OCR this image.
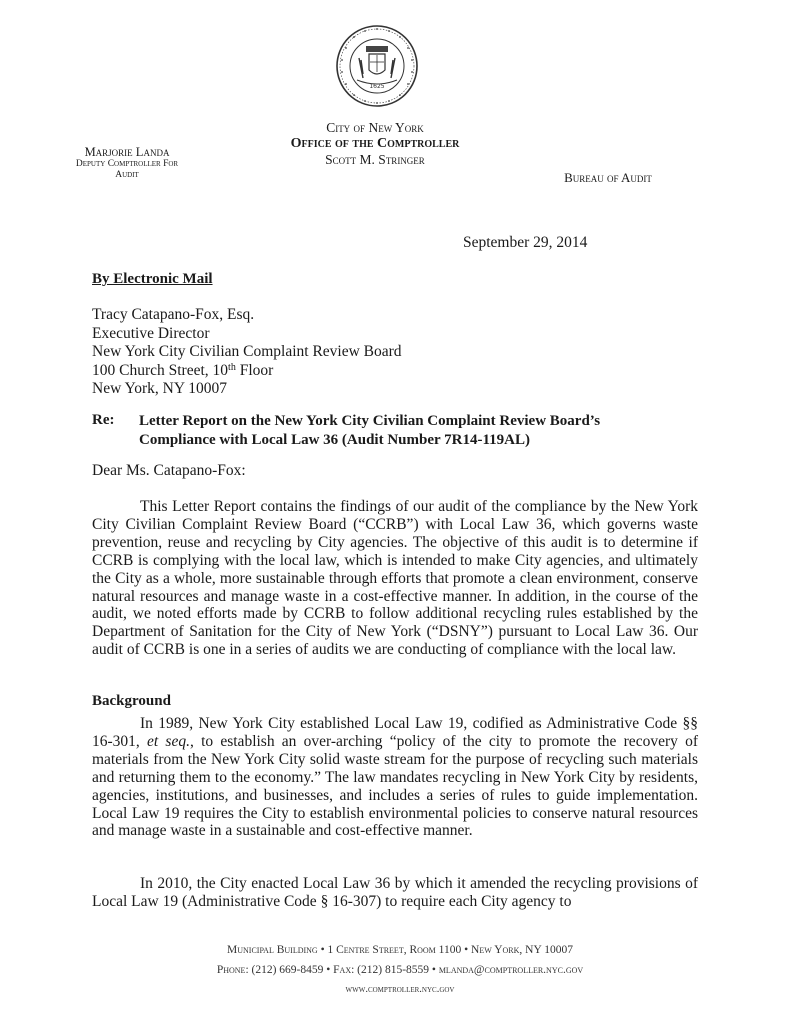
1625
City of New York
Office of the Comptroller
Scott M. Stringer
Marjorie Landa
Deputy Comptroller For
Audit	Bureau of Audit
September 29, 2014
By Electronic Mail
Tracy Catapano-Fox, Esq.
Executive Director
New York City Civilian Complaint Review Board
100 Church Street, 10th Floor
New York, NY 10007
Re: Letter Report on the New York City Civilian Complaint Review Board’s
Compliance with Local Law 36 (Audit Number 7R14-119AL)
Dear Ms. Catapano-Fox:
This Letter Report contains the findings of our audit of the compliance by the New York City Civilian Complaint Review Board (“CCRB”) with Local Law 36, which governs waste prevention, reuse and recycling by City agencies. The objective of this audit is to determine if CCRB is complying with the local law, which is intended to make City agencies, and ultimately the City as a whole, more sustainable through efforts that promote a clean environment, conserve natural resources and manage waste in a cost-effective manner. In addition, in the course of the audit, we noted efforts made by CCRB to follow additional recycling rules established by the Department of Sanitation for the City of New York (“DSNY”) pursuant to Local Law 36. Our audit of CCRB is one in a series of audits we are conducting of compliance with the local law.
Background
In 1989, New York City established Local Law 19, codified as Administrative Code §§ 16-301, et seq., to establish an over-arching “policy of the city to promote the recovery of materials from the New York City solid waste stream for the purpose of recycling such materials and returning them to the economy.” The law mandates recycling in New York City by residents, agencies, institutions, and businesses, and includes a series of rules to guide implementation. Local Law 19 requires the City to establish environmental policies to conserve natural resources and manage waste in a sustainable and cost-effective manner.
In 2010, the City enacted Local Law 36 by which it amended the recycling provisions of Local Law 19 (Administrative Code § 16-307) to require each City agency to
Municipal Building • 1 Centre Street, Room 1100 • New York, NY 10007
Phone: (212) 669-8459 • Fax: (212) 815-8559 • mlanda@comptroller.nyc.gov
www.comptroller.nyc.gov
